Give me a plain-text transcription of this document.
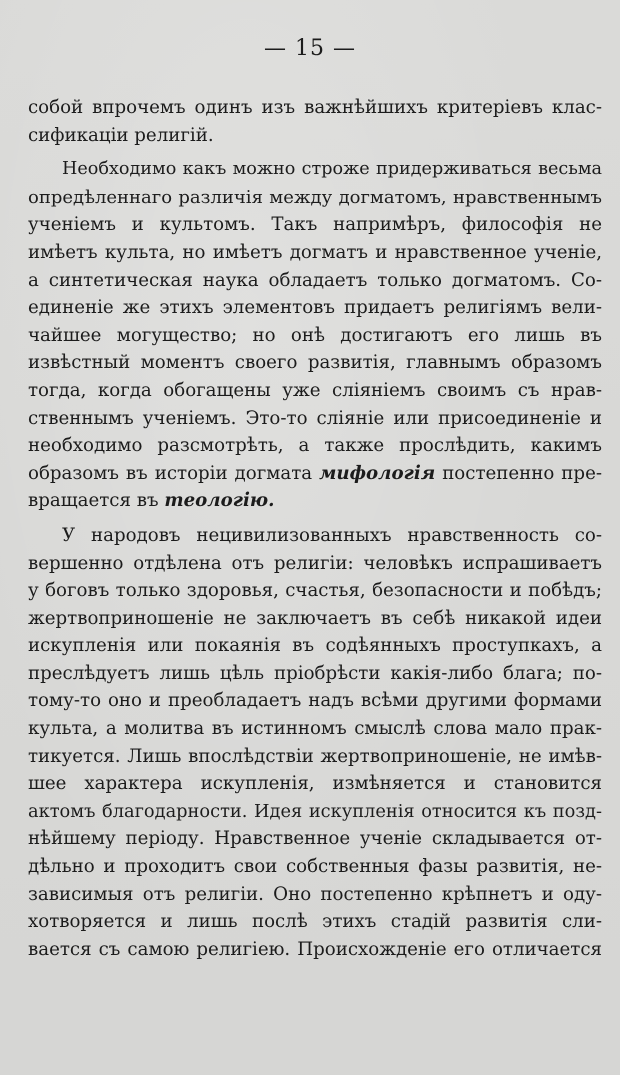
— 15 —
собой впрочемъ одинъ изъ важнѣйшихъ критеріевъ клас-
сификаціи религій.
Необходимо какъ можно строже придерживаться весьма
опредѣленнаго различія между догматомъ, нравственнымъ
ученіемъ и культомъ. Такъ напримѣръ, философія не
имѣетъ культа, но имѣетъ догматъ и нравственное ученіе,
а синтетическая наука обладаетъ только догматомъ. Со-
единеніе же этихъ элементовъ придаетъ религіямъ вели-
чайшее могущество; но онѣ достигаютъ его лишь въ
извѣстный моментъ своего развитія, главнымъ образомъ
тогда, когда обогащены уже сліяніемъ своимъ съ нрав-
ственнымъ ученіемъ. Это-то сліяніе или присоединеніе и
необходимо разсмотрѣть, а также прослѣдить, какимъ
образомъ въ исторіи догмата мифологія постепенно пре-
вращается въ теологію.
У народовъ нецивилизованныхъ нравственность со-
вершенно отдѣлена отъ религіи: человѣкъ испрашиваетъ
у боговъ только здоровья, счастья, безопасности и побѣдъ;
жертвоприношеніе не заключаетъ въ себѣ никакой идеи
искупленія или покаянія въ содѣянныхъ проступкахъ, а
преслѣдуетъ лишь цѣль пріобрѣсти какія-либо блага; по-
тому-то оно и преобладаетъ надъ всѣми другими формами
культа, а молитва въ истинномъ смыслѣ слова мало прак-
тикуется. Лишь впослѣдствіи жертвоприношеніе, не имѣв-
шее характера искупленія, измѣняется и становится
актомъ благодарности. Идея искупленія относится къ позд-
нѣйшему періоду. Нравственное ученіе складывается от-
дѣльно и проходитъ свои собственныя фазы развитія, не-
зависимыя отъ религіи. Оно постепенно крѣпнетъ и оду-
хотворяется и лишь послѣ этихъ стадій развитія сли-
вается съ самою религіею. Происхожденіе его отличается
